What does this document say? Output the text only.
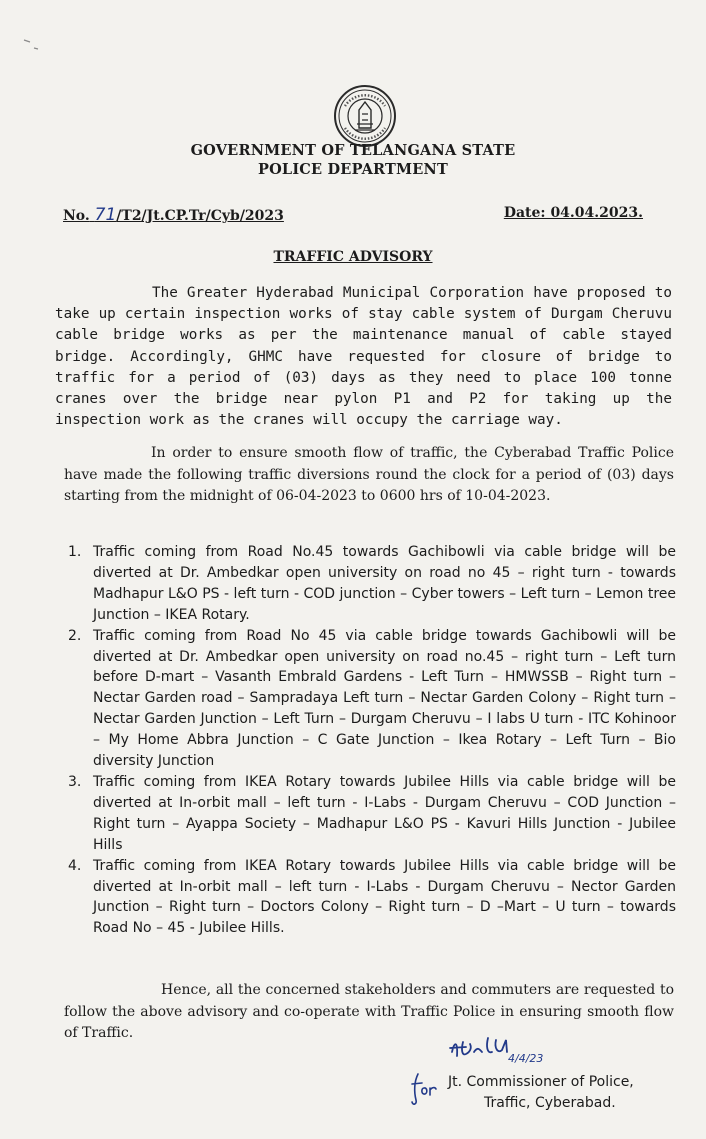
GOVERNMENT OF TELANGANA STATE
POLICE DEPARTMENT
No. 71/T2/Jt.CP.Tr/Cyb/2023	Date: 04.04.2023.
TRAFFIC ADVISORY

The Greater Hyderabad Municipal Corporation have proposed to take up certain inspection works of stay cable system of Durgam Cheruvu cable bridge works as per the maintenance manual of cable stayed bridge. Accordingly, GHMC have requested for closure of bridge to traffic for a period of (03) days as they need to place 100 tonne cranes over the bridge near pylon P1 and P2 for taking up the inspection work as the cranes will occupy the carriage way.

In order to ensure smooth flow of traffic, the Cyberabad Traffic Police have made the following traffic diversions round the clock for a period of (03) days starting from the midnight of 06-04-2023 to 0600 hrs of 10-04-2023.

1. Traffic coming from Road No.45 towards Gachibowli via cable bridge will be diverted at Dr. Ambedkar open university on road no 45 – right turn - towards Madhapur L&O PS - left turn - COD junction – Cyber towers – Left turn – Lemon tree Junction – IKEA Rotary.
2. Traffic coming from Road No 45 via cable bridge towards Gachibowli will be diverted at Dr. Ambedkar open university on road no.45 – right turn – Left turn before D-mart – Vasanth Embrald Gardens - Left Turn – HMWSSB – Right turn – Nectar Garden road – Sampradaya Left turn – Nectar Garden Colony – Right turn – Nectar Garden Junction – Left Turn – Durgam Cheruvu – I labs U turn - ITC Kohinoor – My Home Abbra Junction – C Gate Junction – Ikea Rotary – Left Turn – Bio diversity Junction
3. Traffic coming from IKEA Rotary towards Jubilee Hills via cable bridge will be diverted at In-orbit mall – left turn - I-Labs - Durgam Cheruvu – COD Junction – Right turn – Ayappa Society – Madhapur L&O PS - Kavuri Hills Junction - Jubilee Hills
4. Traffic coming from IKEA Rotary towards Jubilee Hills via cable bridge will be diverted at In-orbit mall – left turn - I-Labs - Durgam Cheruvu – Nector Garden Junction – Right turn – Doctors Colony – Right turn – D –Mart – U turn – towards Road No – 45 - Jubilee Hills.

Hence, all the concerned stakeholders and commuters are requested to follow the above advisory and co-operate with Traffic Police in ensuring smooth flow of Traffic.

4/4/23
Jt. Commissioner of Police,
Traffic, Cyberabad.
